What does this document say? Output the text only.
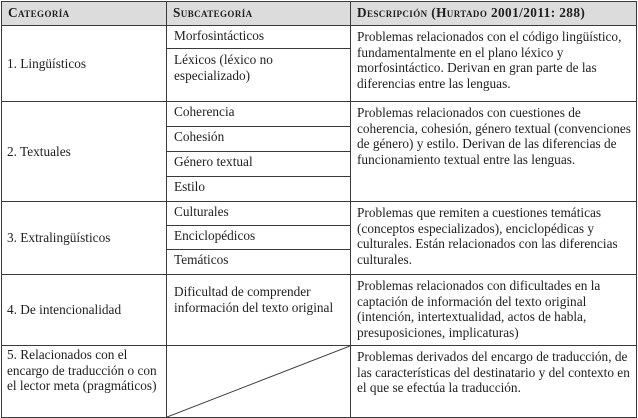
Categoría	Subcategoría	Descripción (Hurtado 2001/2011: 288)
1. Lingüísticos	Morfosintácticos	Problemas relacionados con el código lingüístico, fundamentalmente en el plano léxico y morfosintáctico. Derivan en gran parte de las diferencias entre las lenguas.
	Léxicos (léxico no especializado)	
2. Textuales	Coherencia	Problemas relacionados con cuestiones de coherencia, cohesión, género textual (convenciones de género) y estilo. Derivan de las diferencias de funcionamiento textual entre las lenguas.
	Cohesión	
	Género textual	
	Estilo	
3. Extralingüísticos	Culturales	Problemas que remiten a cuestiones temáticas (conceptos especializados), enciclopédicas y culturales. Están relacionados con las diferencias culturales.
	Enciclopédicos	
	Temáticos	
4. De intencionalidad	Dificultad de comprender información del texto original	Problemas relacionados con dificultades en la captación de información del texto original (intención, intertextualidad, actos de habla, presuposiciones, implicaturas)
5. Relacionados con el encargo de traducción o con el lector meta (pragmáticos)		Problemas derivados del encargo de traducción, de las características del destinatario y del contexto en el que se efectúa la traducción.
